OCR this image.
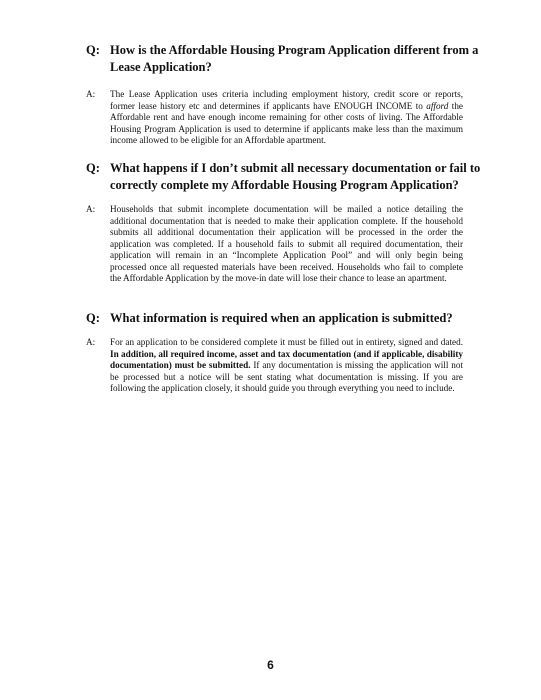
Q: How is the Affordable Housing Program Application different from a Lease Application?
A: The Lease Application uses criteria including employment history, credit score or reports, former lease history etc and determines if applicants have ENOUGH INCOME to afford the Affordable rent and have enough income remaining for other costs of living. The Affordable Housing Program Application is used to determine if applicants make less than the maximum income allowed to be eligible for an Affordable apartment.
Q: What happens if I don’t submit all necessary documentation or fail to correctly complete my Affordable Housing Program Application?
A: Households that submit incomplete documentation will be mailed a notice detailing the additional documentation that is needed to make their application complete. If the household submits all additional documentation their application will be processed in the order the application was completed. If a household fails to submit all required documentation, their application will remain in an “Incomplete Application Pool” and will only begin being processed once all requested materials have been received. Households who fail to complete the Affordable Application by the move-in date will lose their chance to lease an apartment.
Q: What information is required when an application is submitted?
A: For an application to be considered complete it must be filled out in entirety, signed and dated. In addition, all required income, asset and tax documentation (and if applicable, disability documentation) must be submitted. If any documentation is missing the application will not be processed but a notice will be sent stating what documentation is missing. If you are following the application closely, it should guide you through everything you need to include.
6
